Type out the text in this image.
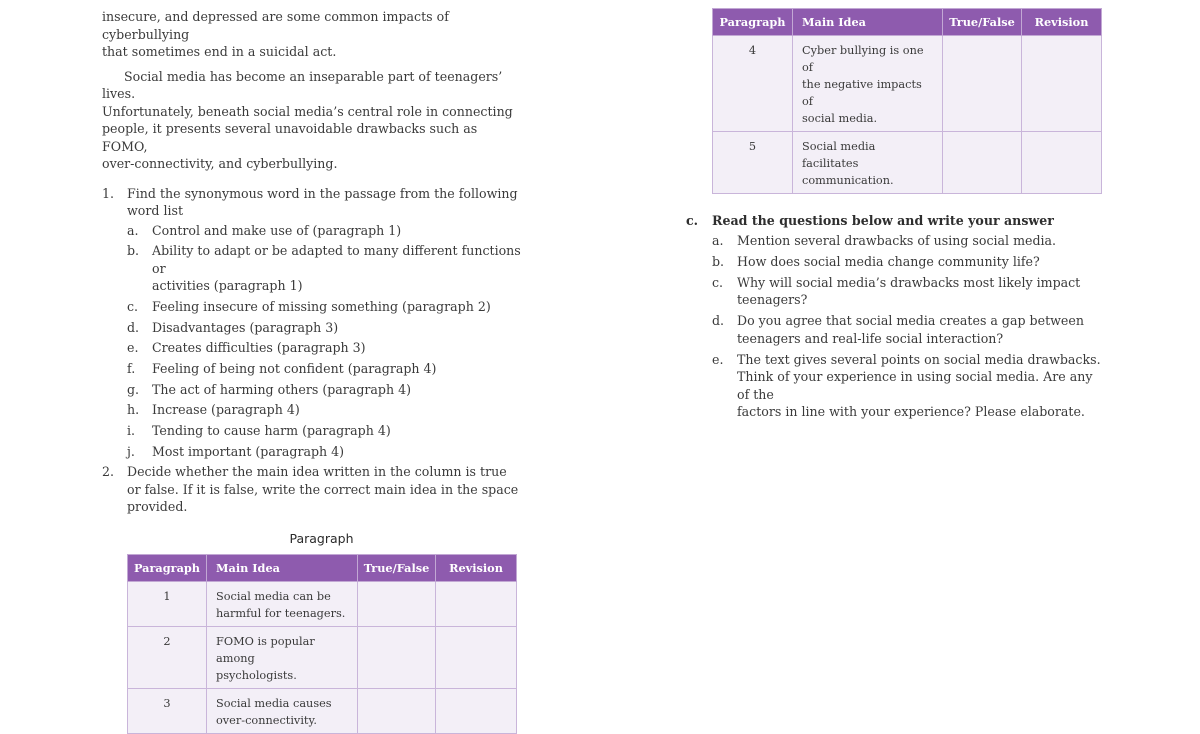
insecure, and depressed are some common impacts of cyberbullying
that sometimes end in a suicidal act.

Social media has become an inseparable part of teenagers’ lives.
Unfortunately, beneath social media’s central role in connecting
people, it presents several unavoidable drawbacks such as FOMO,
over-connectivity, and cyberbullying.

1.	Find the synonymous word in the passage from the following
word list
a.	Control and make use of (paragraph 1)
b.	Ability to adapt or be adapted to many different functions or
activities (paragraph 1)
c.	Feeling insecure of missing something (paragraph 2)
d.	Disadvantages (paragraph 3)
e.	Creates difficulties (paragraph 3)
f.	Feeling of being not confident (paragraph 4)
g.	The act of harming others (paragraph 4)
h.	Increase (paragraph 4)
i.	Tending to cause harm (paragraph 4)
j.	Most important (paragraph 4)
2.	Decide whether the main idea written in the column is true
or false. If it is false, write the correct main idea in the space
provided.
Paragraph
Paragraph	Main Idea	True/False	Revision
1	Social media can be
harmful for teenagers.		
2	FOMO is popular among
psychologists.		
3	Social media causes
over-connectivity.		
Paragraph	Main Idea	True/False	Revision
4	Cyber bullying is one of
the negative impacts of
social media.		
5	Social media facilitates
communication.		
c.	Read the questions below and write your answer
a.	Mention several drawbacks of using social media.
b.	How does social media change community life?
c.	Why will social media’s drawbacks most likely impact
teenagers?
d.	Do you agree that social media creates a gap between
teenagers and real-life social interaction?
e.	The text gives several points on social media drawbacks.
Think of your experience in using social media. Are any of the
factors in line with your experience? Please elaborate.
